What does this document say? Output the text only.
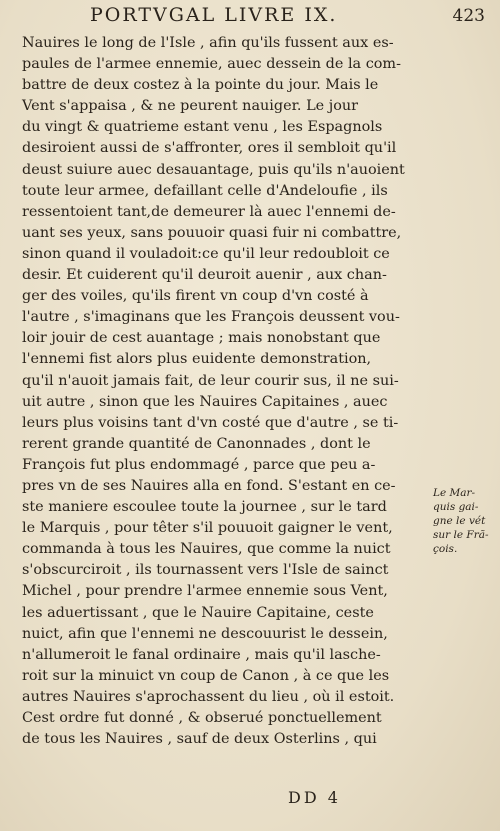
PORTVGAL LIVRE IX.	423
Nauires le long de l'Isle , afin qu'ils fussent aux es-
paules de l'armee ennemie, auec dessein de la com-
battre de deux costez à la pointe du jour. Mais le
Vent s'appaisa , & ne peurent nauiger. Le jour
du vingt & quatrieme estant venu , les Espagnols
desiroient aussi de s'affronter, ores il sembloit qu'il
deust suiure auec desauantage, puis qu'ils n'auoient
toute leur armee, defaillant celle d'Andeloufie , ils
ressentoient tant,de demeurer là auec l'ennemi de-
uant ses yeux, sans pouuoir quasi fuir ni combattre,
sinon quand il vouladoit:ce qu'il leur redoubloit ce
desir. Et cuiderent qu'il deuroit auenir , aux chan-
ger des voiles, qu'ils firent vn coup d'vn costé à
l'autre , s'imaginans que les François deussent vou-
loir jouir de cest auantage ; mais nonobstant que
l'ennemi fist alors plus euidente demonstration,
qu'il n'auoit jamais fait, de leur courir sus, il ne sui-
uit autre , sinon que les Nauires Capitaines , auec
leurs plus voisins tant d'vn costé que d'autre , se ti-
rerent grande quantité de Canonnades , dont le
François fut plus endommagé , parce que peu a-
pres vn de ses Nauires alla en fond. S'estant en ce-
ste maniere escoulee toute la journee , sur le tard
le Marquis , pour têter s'il pouuoit gaigner le vent,
commanda à tous les Nauires, que comme la nuict
s'obscurciroit , ils tournassent vers l'Isle de sainct
Michel , pour prendre l'armee ennemie sous Vent,
les aduertissant , que le Nauire Capitaine, ceste
nuict, afin que l'ennemi ne descouurist le dessein,
n'allumeroit le fanal ordinaire , mais qu'il lasche-
roit sur la minuict vn coup de Canon , à ce que les
autres Nauires s'aprochassent du lieu , où il estoit.
Cest ordre fut donné , & obserué ponctuellement
de tous les Nauires , sauf de deux Osterlins , qui
Le Mar-
quis gai-
gne le vét
sur le Frã-
çois.
DD 4
